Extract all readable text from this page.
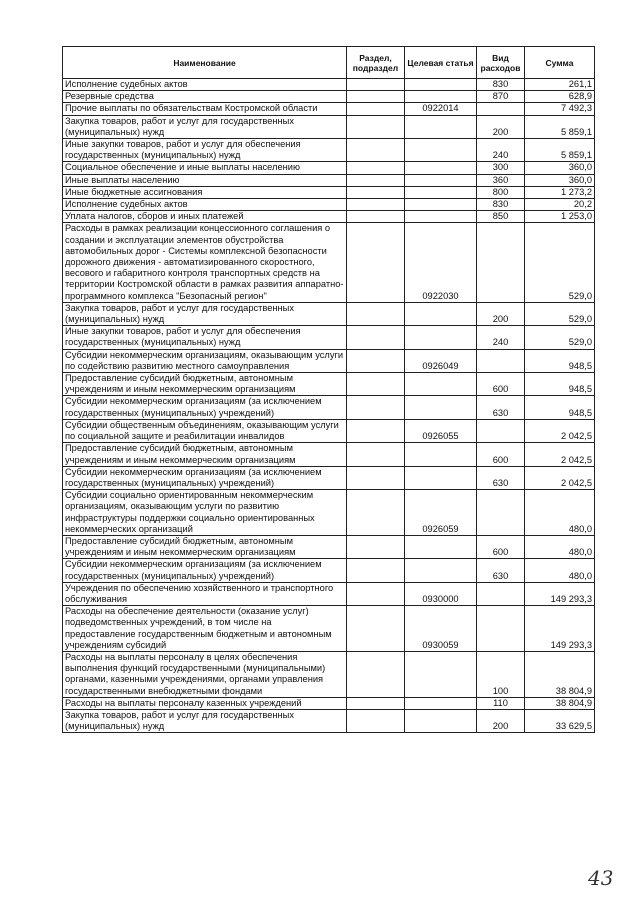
Наименование	Раздел, подраздел	Целевая статья	Вид расходов	Сумма
Исполнение судебных актов			830	261,1
Резервные средства			870	628,9
Прочие выплаты по обязательствам Костромской области		0922014		7 492,3
Закупка товаров, работ и услуг для государственных (муниципальных) нужд			200	5 859,1
Иные закупки товаров, работ и услуг для обеспечения государственных (муниципальных) нужд			240	5 859,1
Социальное обеспечение и иные выплаты населению			300	360,0
Иные выплаты населению			360	360,0
Иные бюджетные ассигнования			800	1 273,2
Исполнение судебных актов			830	20,2
Уплата налогов, сборов и иных платежей			850	1 253,0
Расходы в рамках реализации концессионного соглашения о создании и эксплуатации элементов обустройства автомобильных дорог - Системы комплексной безопасности дорожного движения - автоматизированного скоростного, весового и габаритного контроля транспортных средств на территории Костромской области в рамках развития аппаратно-программного комплекса "Безопасный регион"		0922030		529,0
Закупка товаров, работ и услуг для государственных (муниципальных) нужд			200	529,0
Иные закупки товаров, работ и услуг для обеспечения государственных (муниципальных) нужд			240	529,0
Субсидии некоммерческим организациям, оказывающим услуги по содействию развитию местного самоуправления		0926049		948,5
Предоставление субсидий бюджетным, автономным учреждениям и иным некоммерческим организациям			600	948,5
Субсидии некоммерческим организациям (за исключением государственных (муниципальных) учреждений)			630	948,5
Субсидии общественным объединениям, оказывающим услуги по социальной защите и реабилитации инвалидов		0926055		2 042,5
Предоставление субсидий бюджетным, автономным учреждениям и иным некоммерческим организациям			600	2 042,5
Субсидии некоммерческим организациям (за исключением государственных (муниципальных) учреждений)			630	2 042,5
Субсидии социально ориентированным некоммерческим организациям, оказывающим услуги по развитию инфраструктуры поддержки социально ориентированных некоммерческих организаций		0926059		480,0
Предоставление субсидий бюджетным, автономным учреждениям и иным некоммерческим организациям			600	480,0
Субсидии некоммерческим организациям (за исключением государственных (муниципальных) учреждений)			630	480,0
Учреждения по обеспечению хозяйственного и транспортного обслуживания		0930000		149 293,3
Расходы на обеспечение деятельности (оказание услуг) подведомственных учреждений, в том числе на предоставление государственным бюджетным и автономным учреждениям субсидий		0930059		149 293,3
Расходы на выплаты персоналу в целях обеспечения выполнения функций государственными (муниципальными) органами, казенными учреждениями, органами управления государственными внебюджетными фондами			100	38 804,9
Расходы на выплаты персоналу казенных учреждений			110	38 804,9
Закупка товаров, работ и услуг для государственных (муниципальных) нужд			200	33 629,5
43
